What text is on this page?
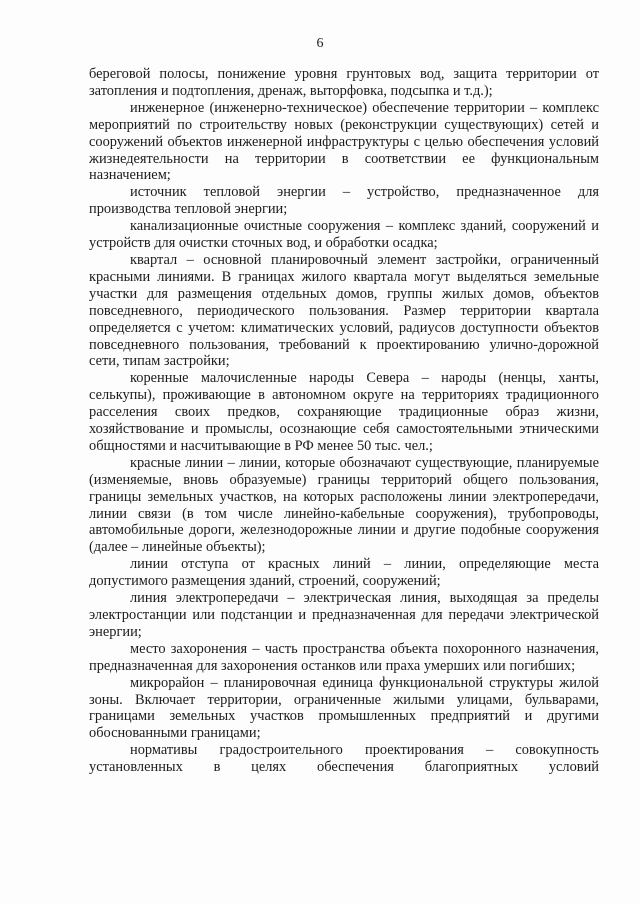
6

береговой полосы, понижение уровня грунтовых вод, защита территории от затопления и подтопления, дренаж, выторфовка, подсыпка и т.д.);

инженерное (инженерно-техническое) обеспечение территории – комплекс мероприятий по строительству новых (реконструкции существующих) сетей и сооружений объектов инженерной инфраструктуры с целью обеспечения условий жизнедеятельности на территории в соответствии ее функциональным назначением;

источник тепловой энергии – устройство, предназначенное для производства тепловой энергии;

канализационные очистные сооружения – комплекс зданий, сооружений и устройств для очистки сточных вод, и обработки осадка;

квартал – основной планировочный элемент застройки, ограниченный красными линиями. В границах жилого квартала могут выделяться земельные участки для размещения отдельных домов, группы жилых домов, объектов повседневного, периодического пользования. Размер территории квартала определяется с учетом: климатических условий, радиусов доступности объектов повседневного пользования, требований к проектированию улично-дорожной сети, типам застройки;

коренные малочисленные народы Севера – народы (ненцы, ханты, селькупы), проживающие в автономном округе на территориях традиционного расселения своих предков, сохраняющие традиционные образ жизни, хозяйствование и промыслы, осознающие себя самостоятельными этническими общностями и насчитывающие в РФ менее 50 тыс. чел.;

красные линии – линии, которые обозначают существующие, планируемые (изменяемые, вновь образуемые) границы территорий общего пользования, границы земельных участков, на которых расположены линии электропередачи, линии связи (в том числе линейно-кабельные сооружения), трубопроводы, автомобильные дороги, железнодорожные линии и другие подобные сооружения (далее – линейные объекты);

линии отступа от красных линий – линии, определяющие места допустимого размещения зданий, строений, сооружений;

линия электропередачи – электрическая линия, выходящая за пределы электростанции или подстанции и предназначенная для передачи электрической энергии;

место захоронения – часть пространства объекта похоронного назначения, предназначенная для захоронения останков или праха умерших или погибших;

микрорайон – планировочная единица функциональной структуры жилой зоны. Включает территории, ограниченные жилыми улицами, бульварами, границами земельных участков промышленных предприятий и другими обоснованными границами;

нормативы градостроительного проектирования – совокупность установленных в целях обеспечения благоприятных условий
